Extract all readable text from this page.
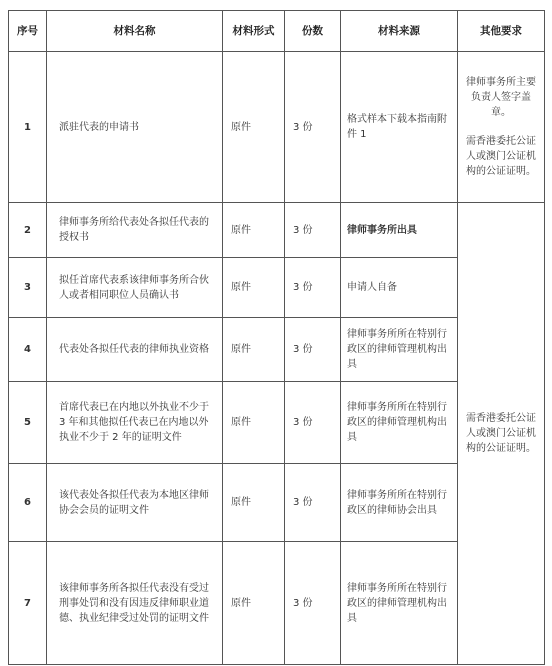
序号	材料名称	材料形式	份数	材料来源	其他要求
1	派驻代表的申请书	原件	3 份	格式样本下载本指南附件 1	律师事务所主要负责人签字盖章。
需香港委托公证人或澳门公证机构的公证证明。

2	律师事务所给代表处各拟任代表的授权书	原件	3 份	律师事务所出具	需香港委托公证人或澳门公证机构的公证证明。
3	拟任首席代表系该律师事务所合伙人或者相同职位人员确认书	原件	3 份	申请人自备	
4	代表处各拟任代表的律师执业资格	原件	3 份	律师事务所所在特别行政区的律师管理机构出具	
5	首席代表已在内地以外执业不少于 3 年和其他拟任代表已在内地以外执业不少于 2 年的证明文件	原件	3 份	律师事务所所在特别行政区的律师管理机构出具	
6	该代表处各拟任代表为本地区律师协会会员的证明文件	原件	3 份	律师事务所所在特别行政区的律师协会出具	
7	该律师事务所各拟任代表没有受过刑事处罚和没有因违反律师职业道德、执业纪律受过处罚的证明文件	原件	3 份	律师事务所所在特别行政区的律师管理机构出具	
